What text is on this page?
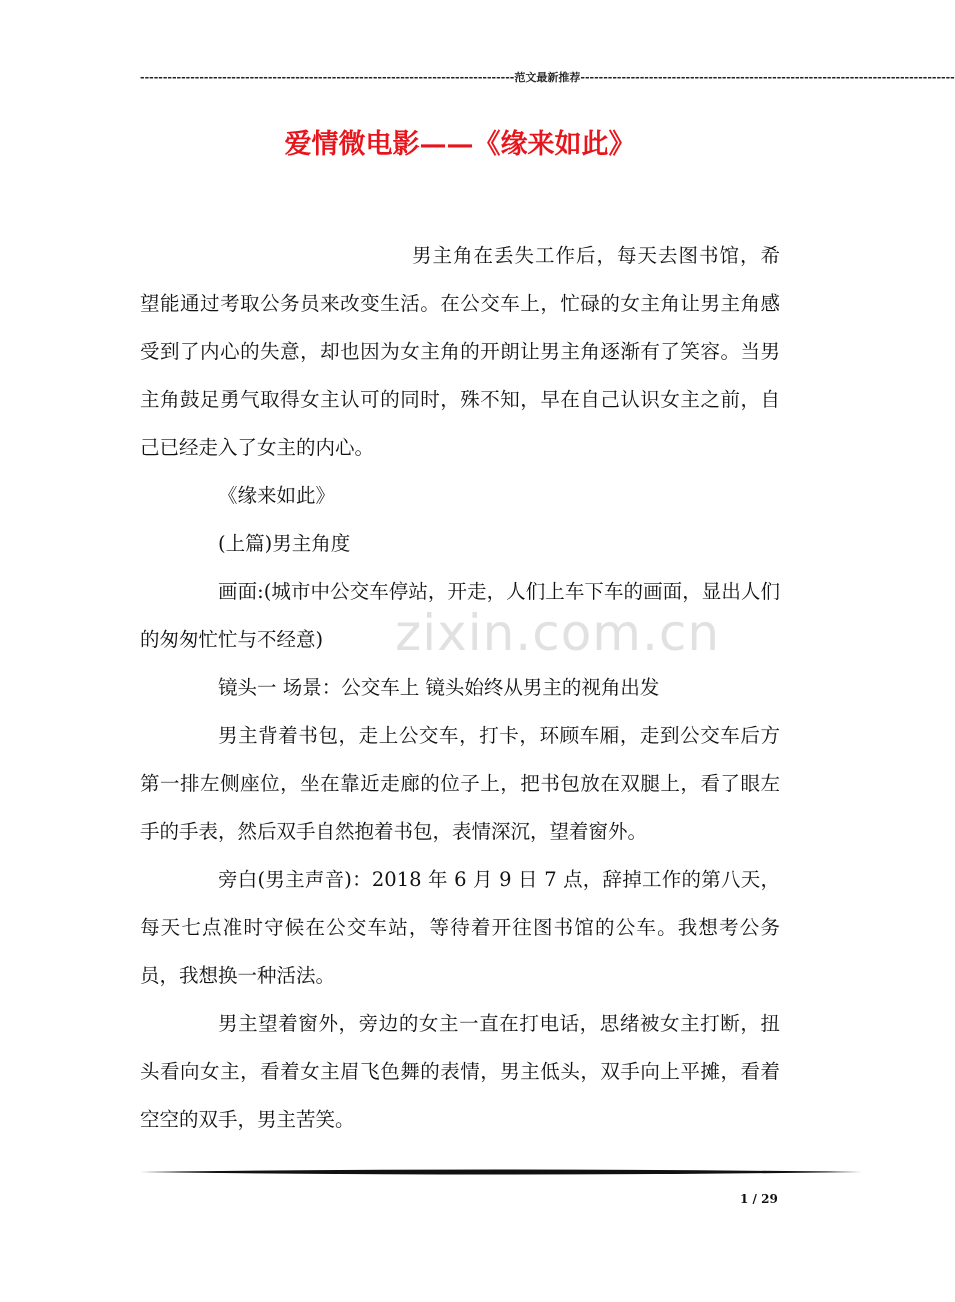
---------------------------------------------------------------------------------- 范文最新推荐 ----------------------------------------------------------------------------------
爱情微电影——《缘来如此》

男主角在丢失工作后，每天去图书馆，希望能通过考取公务员来改变生活。在公交车上，忙碌的女主角让男主角感受到了内心的失意，却也因为女主角的开朗让男主角逐渐有了笑容。当男主角鼓足勇气取得女主认可的同时，殊不知，早在自己认识女主之前，自己已经走入了女主的内心。

《缘来如此》

(上篇)男主角度

画面:(城市中公交车停站，开走，人们上车下车的画面，显出人们的匆匆忙忙与不经意)

镜头一 场景：公交车上 镜头始终从男主的视角出发

男主背着书包，走上公交车，打卡，环顾车厢，走到公交车后方第一排左侧座位，坐在靠近走廊的位子上，把书包放在双腿上，看了眼左手的手表，然后双手自然抱着书包，表情深沉，望着窗外。

旁白(男主声音)：2018 年 6 月 9 日 7 点，辞掉工作的第八天，每天七点准时守候在公交车站，等待着开往图书馆的公车。我想考公务员，我想换一种活法。

男主望着窗外，旁边的女主一直在打电话，思绪被女主打断，扭头看向女主，看着女主眉飞色舞的表情，男主低头，双手向上平摊，看着空空的双手，男主苦笑。

zixin.com.cn
1 / 29
